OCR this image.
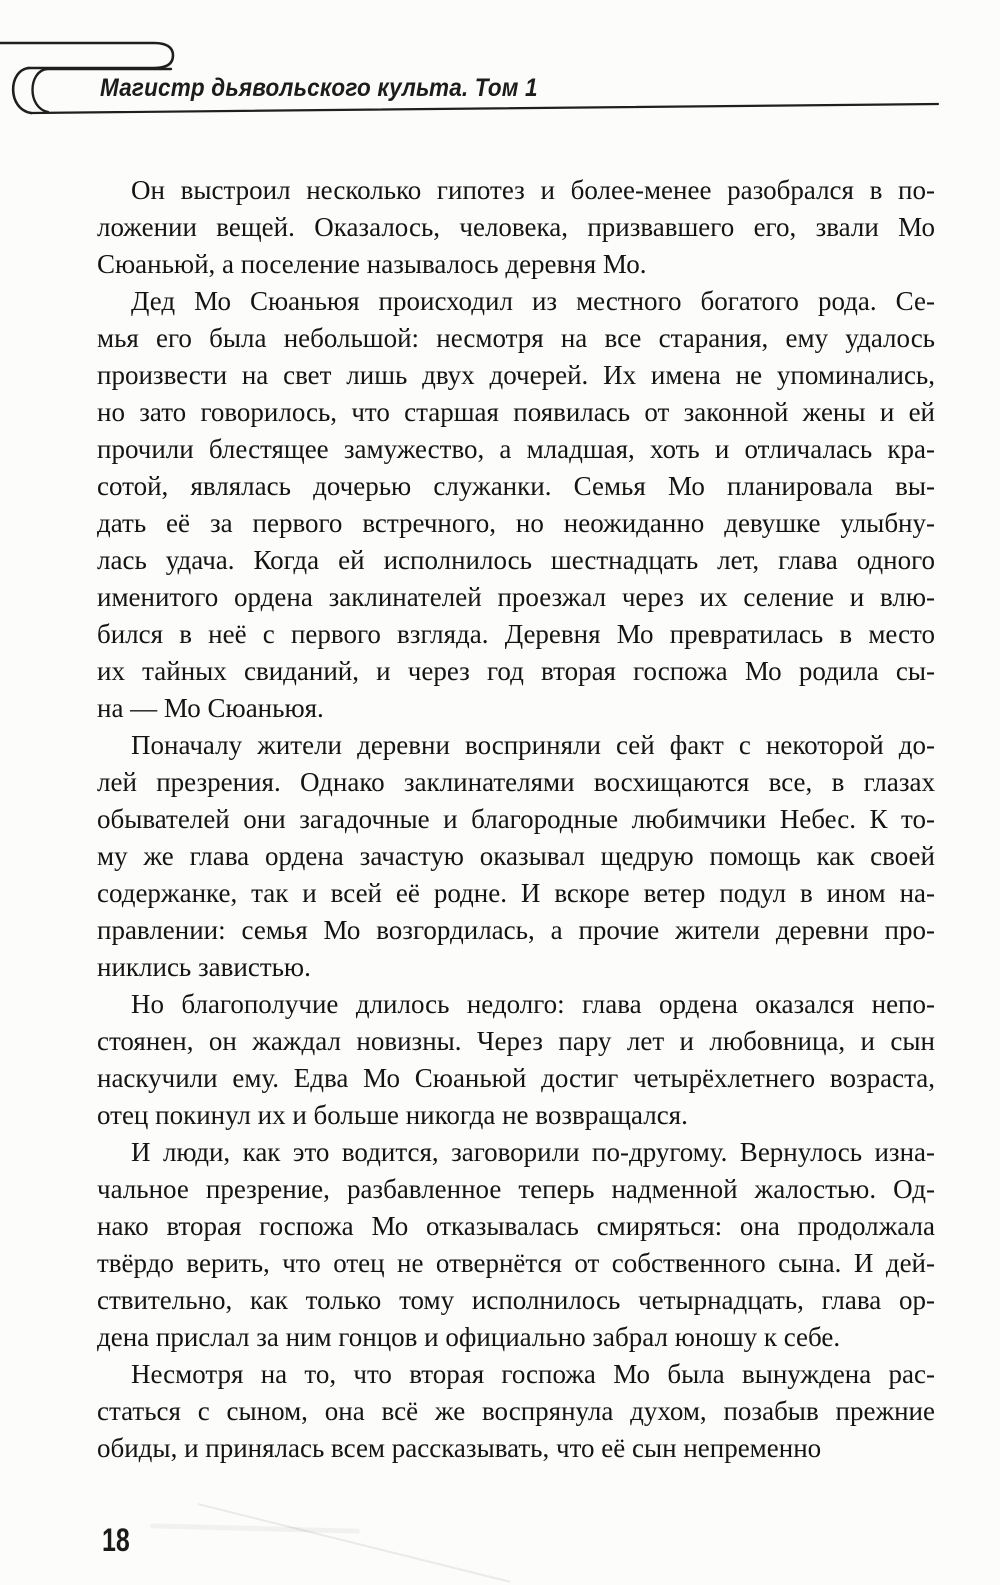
Магистр дьявольского культа. Том 1
Он выстроил несколько гипотез и более-менее разобрался в по-
ложении вещей. Оказалось, человека, призвавшего его, звали Мо
Сюаньюй, а поселение называлось деревня Мо.
Дед Мо Сюаньюя происходил из местного богатого рода. Се-
мья его была небольшой: несмотря на все старания, ему удалось
произвести на свет лишь двух дочерей. Их имена не упоминались,
но зато говорилось, что старшая появилась от законной жены и ей
прочили блестящее замужество, а младшая, хоть и отличалась кра-
сотой, являлась дочерью служанки. Семья Мо планировала вы-
дать её за первого встречного, но неожиданно девушке улыбну-
лась удача. Когда ей исполнилось шестнадцать лет, глава одного
именитого ордена заклинателей проезжал через их селение и влю-
бился в неё с первого взгляда. Деревня Мо превратилась в место
их тайных свиданий, и через год вторая госпожа Мо родила сы-
на — Мо Сюаньюя.
Поначалу жители деревни восприняли сей факт с некоторой до-
лей презрения. Однако заклинателями восхищаются все, в глазах
обывателей они загадочные и благородные любимчики Небес. К то-
му же глава ордена зачастую оказывал щедрую помощь как своей
содержанке, так и всей её родне. И вскоре ветер подул в ином на-
правлении: семья Мо возгордилась, а прочие жители деревни про-
никлись завистью.
Но благополучие длилось недолго: глава ордена оказался непо-
стоянен, он жаждал новизны. Через пару лет и любовница, и сын
наскучили ему. Едва Мо Сюаньюй достиг четырёхлетнего возраста,
отец покинул их и больше никогда не возвращался.
И люди, как это водится, заговорили по-другому. Вернулось изна-
чальное презрение, разбавленное теперь надменной жалостью. Од-
нако вторая госпожа Мо отказывалась смиряться: она продолжала
твёрдо верить, что отец не отвернётся от собственного сына. И дей-
ствительно, как только тому исполнилось четырнадцать, глава ор-
дена прислал за ним гонцов и официально забрал юношу к себе.
Несмотря на то, что вторая госпожа Мо была вынуждена рас-
статься с сыном, она всё же воспрянула духом, позабыв прежние
обиды, и принялась всем рассказывать, что её сын непременно
18
